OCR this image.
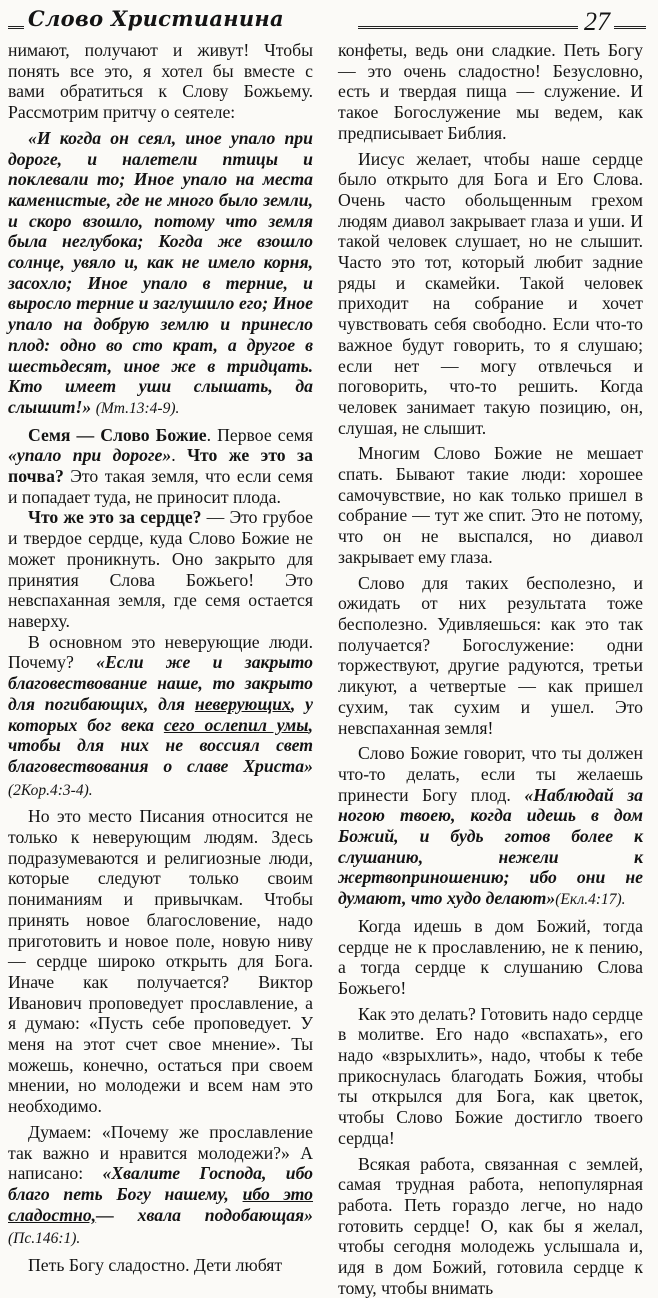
Слово Христианина	27

нимают, получают и живут! Чтобы понять все это, я хотел бы вместе с вами обратиться к Слову Божьему. Рассмотрим притчу о сеятеле:

«И когда он сеял, иное упало при дороге, и налетели птицы и поклевали то; Иное упало на места каменистые, где не много было земли, и скоро взошло, потому что земля была неглубока; Когда же взошло солнце, увяло и, как не имело корня, засохло; Иное упало в терние, и выросло терние и заглушило его; Иное упало на добрую землю и принесло плод: одно во сто крат, а другое в шестьдесят, иное же в тридцать. Кто имеет уши слышать, да слышит!» (Мт.13:4-9).

Семя — Слово Божие. Первое семя «упало при дороге». Что же это за почва? Это такая земля, что если семя и попадает туда, не приносит плода.

Что же это за сердце? — Это грубое и твердое сердце, куда Слово Божие не может проникнуть. Оно закрыто для принятия Слова Божьего! Это невспаханная земля, где семя остается наверху.

В основном это неверующие люди. Почему? «Если же и закрыто благовествование наше, то закрыто для погибающих, для неверующих, у которых бог века сего ослепил умы, чтобы для них не воссиял свет благовествования о славе Христа» (2Кор.4:3-4).

Но это место Писания относится не только к неверующим людям. Здесь подразумеваются и религиозные люди, которые следуют только своим пониманиям и привычкам. Чтобы принять новое благословение, надо приготовить и новое поле, новую ниву — сердце широко открыть для Бога. Иначе как получается? Виктор Иванович проповедует прославление, а я думаю: «Пусть себе проповедует. У меня на этот счет свое мнение». Ты можешь, конечно, остаться при своем мнении, но молодежи и всем нам это необходимо.

Думаем: «Почему же прославление так важно и нравится молодежи?» А написано: «Хвалите Господа, ибо благо петь Богу нашему, ибо это сладостно,— хвала подобающая» (Пс.146:1).

Петь Богу сладостно. Дети любят

конфеты, ведь они сладкие. Петь Богу — это очень сладостно! Безусловно, есть и твердая пища — служение. И такое Богослужение мы ведем, как предписывает Библия.

Иисус желает, чтобы наше сердце было открыто для Бога и Его Слова. Очень часто обольщенным грехом людям диавол закрывает глаза и уши. И такой человек слушает, но не слышит. Часто это тот, который любит задние ряды и скамейки. Такой человек приходит на собрание и хочет чувствовать себя свободно. Если что-то важное будут говорить, то я слушаю; если нет — могу отвлечься и поговорить, что-то решить. Когда человек занимает такую позицию, он, слушая, не слышит.

Многим Слово Божие не мешает спать. Бывают такие люди: хорошее самочувствие, но как только пришел в собрание — тут же спит. Это не потому, что он не выспался, но диавол закрывает ему глаза.

Слово для таких бесполезно, и ожидать от них результата тоже бесполезно. Удивляешься: как это так получается? Богослужение: одни торжествуют, другие радуются, третьи ликуют, а четвертые — как пришел сухим, так сухим и ушел. Это невспаханная земля!

Слово Божие говорит, что ты должен что-то делать, если ты желаешь принести Богу плод. «Наблюдай за ногою твоею, когда идешь в дом Божий, и будь готов более к слушанию, нежели к жертвоприношению; ибо они не думают, что худо делают»(Екл.4:17).

Когда идешь в дом Божий, тогда сердце не к прославлению, не к пению, а тогда сердце к слушанию Слова Божьего!

Как это делать? Готовить надо сердце в молитве. Его надо «вспахать», его надо «взрыхлить», надо, чтобы к тебе прикоснулась благодать Божия, чтобы ты открылся для Бога, как цветок, чтобы Слово Божие достигло твоего сердца!

Всякая работа, связанная с землей, самая трудная работа, непопулярная работа. Петь гораздо легче, но надо готовить сердце! О, как бы я желал, чтобы сегодня молодежь услышала и, идя в дом Божий, готовила сердце к тому, чтобы внимать
